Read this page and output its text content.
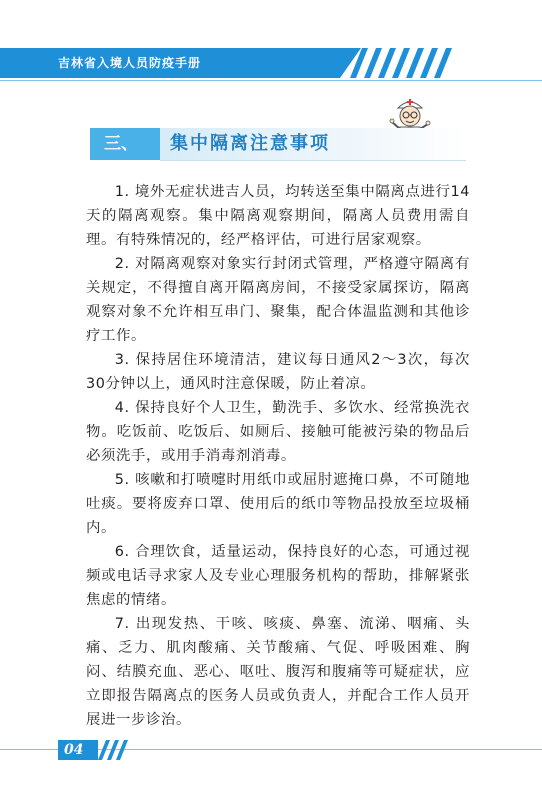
吉林省入境人员防疫手册
三、 集中隔离注意事项

1. 境外无症状进吉人员，均转送至集中隔离点进行14天的隔离观察。集中隔离观察期间，隔离人员费用需自理。有特殊情况的，经严格评估，可进行居家观察。

2. 对隔离观察对象实行封闭式管理，严格遵守隔离有关规定，不得擅自离开隔离房间，不接受家属探访，隔离观察对象不允许相互串门、聚集，配合体温监测和其他诊疗工作。

3. 保持居住环境清洁，建议每日通风2～3次，每次30分钟以上，通风时注意保暖，防止着凉。

4. 保持良好个人卫生，勤洗手、多饮水、经常换洗衣物。吃饭前、吃饭后、如厕后、接触可能被污染的物品后必须洗手，或用手消毒剂消毒。

5. 咳嗽和打喷嚏时用纸巾或屈肘遮掩口鼻，不可随地吐痰。要将废弃口罩、使用后的纸巾等物品投放至垃圾桶内。

6. 合理饮食，适量运动，保持良好的心态，可通过视频或电话寻求家人及专业心理服务机构的帮助，排解紧张焦虑的情绪。

7. 出现发热、干咳、咳痰、鼻塞、流涕、咽痛、头痛、乏力、肌肉酸痛、关节酸痛、气促、呼吸困难、胸闷、结膜充血、恶心、呕吐、腹泻和腹痛等可疑症状，应立即报告隔离点的医务人员或负责人，并配合工作人员开展进一步诊治。

04
